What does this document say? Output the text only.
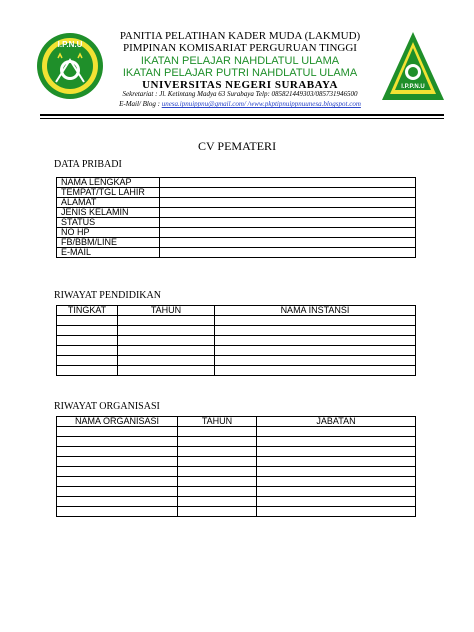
I.P.N.U
PANITIA PELATIHAN KADER MUDA (LAKMUD)
PIMPINAN KOMISARIAT PERGURUAN TINGGI
IKATAN PELAJAR NAHDLATUL ULAMA
IKATAN PELAJAR PUTRI NAHDLATUL ULAMA
UNIVERSITAS NEGERI SURABAYA
Sekretariat : Jl. Ketintang Madya 63 Surabaya Telp: 085821449303/085731946500
E-Mail/ Blog : unesa.ipnuippnu@gmail.com/ /www.pkptipnuippnuunesa.blogspot.com
I.P.P.N.U
CV PEMATERI
DATA PRIBADI
NAMA LENGKAP	
TEMPAT/TGL LAHIR	
ALAMAT	
JENIS KELAMIN	
STATUS	
NO HP	
FB/BBM/LINE	
E-MAIL	
RIWAYAT PENDIDIKAN
TINGKAT	TAHUN	NAMA INSTANSI

RIWAYAT ORGANISASI
NAMA ORGANISASI	TAHUN	JABATAN
